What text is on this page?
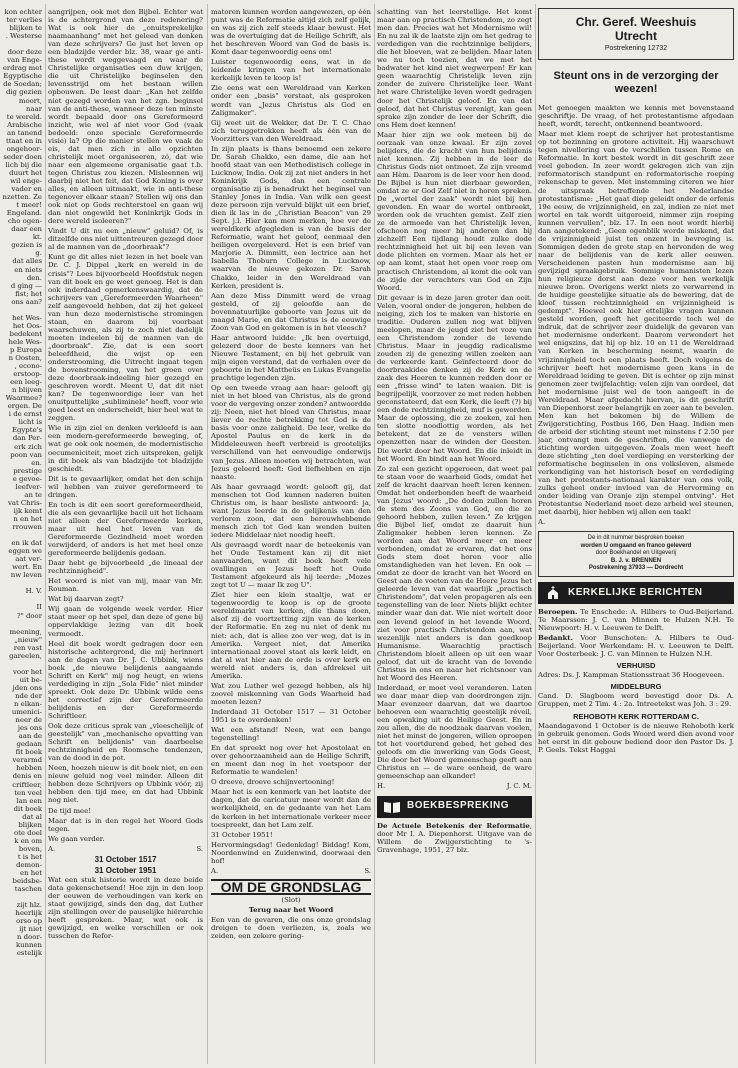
kon echter
ter verlies
blijken te
. Westerse

door deze
van Enge-
erdrag met
Egyptische
de Soedan;
dig gezien
moort, naar
te wereld.
Arabische
an tanend
ttaat en in
ongehoor-
seder doen
lich bij die
duurt het
wil enge-
vader en
nzetten. Ze
t meer!
Engeland.
cho ogen-
daar een
kt.
gezien is
g.
dat alles
en niets
den.
d ging —
fist; het
ons aan?

het Wes-
het Oos-
bedekent
hele Wes-
p Europa
n Oosten,
, econo-
erstoop-
een leeg-
n blijven
Waarmee?
ergen. De
i de ernst
licht is
Egypte's
dan Per-
erk zich
poon van
en.
prestige
e gevoe-
leefver-
an te
vat Chris-
ijk komt
n en het
rrouwen

en ik dat
eggen we
aat ver-
wert. En
nw leven

H. V.

II
?" door

meening,
„nieuw"
ren vast
gareelen,

voor het
uit be-
jden ons
nde der
n elkan-
umenici-
neer de
jes ons
aan de
gedaan
fit boek
verarmd
hebben
denis en
criftleer,
ten veel
lan een
dit boek
dat al
blijken
ote doel
k en om
boven,
t is het
demon-
en het
beidsbe-
taschen

zijt hlz.
heerlijk
orso op
ijt niet
n door-
kunnen
estelijk

aangrijpen, ook met den Bijbel. Echter wat is de achtergrond van deze redenering? Wat is ook hier de „onuitsprekelijke naamaanhang" met het geleed van denken van deze schrijvers? Ge just het leven op een bladzijde verder blz. 38, waar ge anti-these wordt weggevaagd en waar de Christelijke organisaties een duw krijgen, die uit Christelijke beginselen den levensstrijd om het bestaan willen opbouwen. De leest daar: „Kan het zelfde niet gezegd worden van het zgn. beginsel van de anti-these, wanneer deze ten minste wordt bepaald door ons Gereformeerd inzicht, wie wel af niet voor God (vaak bedoeld: onze speciale Gereformeerde visie) la? Op die manier stellen we vaak de eis, dat men zich in alle opzichten christelijk moet organiseeren, zó, dat wie naar een algemeene organisatie gaat t.b. tegen Christus zou kiezen. Misleennen wij daarbij niet het feit, dat God Koning is over alles, en alleen uitmaakt, wie in anti-these tegenover elkaar staan? Stellen wij ons dan ook niet op Gods rechterstoel en gaan wij dan niet ongewild het Koninkrijk Gods in dere wereld isoleeren?"

Vindt U dit nu een „nieuw" geluid? Of, is ditzelfde ons niet uittentreuren gezegd door al de mannen van de „doorbraak"?

Kunt ge dit alles niet lezen in het boek van Dr. C. J. Dippel „kerk en wereld in de crisis"? Lees bijvoorbeeld Hoofdstuk negen van dit boek en ge weet genoeg. Het is dan ook inderdaad opmerkenswaardig, dat de schrijvers van „Gereformeerden Waarheen" zelf aangevoeld hebben, dat zij het gekeel van hun deze modernistische stromingen staan, en daarom bij voorbaat waarschuwen, als zij te zoch niet dadelijk moeten indeelen bij de mannen van de „doorbraak". Zie, dat is een soort beleefdheid, die wijst op een onderstrooming, die Uitrecht ingaat tegen de bovenstrooming, van het groen over deze doorbraak-indeeling hier gezegd en geschreven wordt. Meent U, dat dit niet kan? De tegenwoordige leer van het onuitputtelijke „subliminele" heeft, voor wie goed leest en onderscheidt, hier heel wat te zeggen.

Wie in zijn ziel en denken verkleefd is aan een modern-gereformeerde beweging, of, wat ge ook ook noemen, de modernistische oecumeniciteit, moet zich uitspreken, gelijk in dit boek als van bladzijde tot bladzijde geschiedt.

Dit is te gevaarlijker, omdat het den schijn wil hebben van zuiver gereformeerd te dringen.

En toch is dit een soort gereformeerdheid, die als een gevaarlijke bacil uit het lichaam niet alleen der Gereformeerde kerken, maar uit heel het leven van de Gereformeerde Gezindheid moet worden verwijderd, of anders is het met heel onze gereformeerde belijdenis gedaan.

Daar hebt ge bijvoorbeeld „de lineaal der rechtzinnigheid".

Het woord is niet van mij, maar van Mr. Rouman.

Wat bij daarvan zegt?

Wij gaan de volgende week verder. Hier staat meer op het spel, dan deze of gene bij oppervlakkige lezing van dit boek vermoedt.

Heel dit boek wordt gedragen door een historische achtergrond, die mij herinnert aan de dagen van Dr. J. C. Ubbink, wiens boek „de nieuwe belijdenis aangaande Schrift en Kerk" mij nog heugt, en wiens verdediging in zijn „Sola Fide" niet minder spreekt. Ook deze Dr. Ubbink wilde eens het correctief zijn der Gereformeerde belijdenis en der Gereformeerde Schriftleer.

Ook deze criticus sprak van „vleeschelijk of geestelijk" van „mechanische opvatting van Schrift en belijdenis" van daarbeelse rechtzinnigheid en Roomsche tendenzen, van de dood in de pot.

Neen, hoezeh nieuw is dit boek niet, en een nieuw geluid nog veel minder. Alleen dit hebben deze Schrijvers op Ubbink vóór, zij hebben den tijd mee, en dat had Ubbink nog niet.

De tijd mee!

Maar dat is in den regel het Woord Gods tegen.

We gaan verder.

A.	S.
31 October 1517
31 October 1951

Wat een stuk historie wordt in deze beide data gekenschetsend! Hoe zijn in den loop der eeuwen de verhoudingen van kerk en staat gewijzigd, sinds den dag, dat Luther zijn stellingen over de pauselijke hiërarchie heeft gesproken. Maar, wat ook is gewijzigd, en welke verschillen er ook tusschen de Refor-

matoren kunnen worden aangewezen, op één punt was de Reformatie altijd zich zelf gelijk, en was zij zich zelf steeds klaar bewust. Het was de overtuiging dat de Heilige Schrift, als het beschreven Woord van God de basis is. Komt daar tegenwoordig eens om!

Luister tegenwoordig eens, wat in de leidende kringen van het internationale kerkelijk leven te koop is!

Zie eens wat een Wereldraad van Kerken onder een „basis" verstaat, als gesproken wordt van „Jezus Christus als God en Zaligmaker".

Gij weet uit de Wekker, dat Dr. T. C. Chao zich teruggetrokken heeft als één van de Voorzitters van den Wereldraad.

In zijn plaats is thans benoemd een zekere Dr. Sarah Chakko, een dame, die aan het hoofd staat van een Methodistisch college in Lucknow, India. Ook zij zat niet anders in het Koninkrijk Gods, dan een centrale organisatie zij is benadrukt het beginsel van Stanley Jones in India. Van wilk een geest deze persoon zijn vervuld blijkt uit een brief, dien ik las in de „Christian Beacon" van 29 Sept. j.l. Hier kan men merken, hoe ver de wereldkerk afgegleden is van de basis der Reformatie, want het geloof, eenmaal den heiligen overgeleverd. Het is een brief van Marjorie A. Dimmitt, een lectrice aan het Isabella Thoburn College in Lucknow, waarvan de nieuwe gekozen Dr. Sarah Chakko, leider in den Wereldraad van Kerken, president is.

Aan deze Miss Dimmitt werd de vraag gesteld, of zij geloofde aan de bovennatuurlijke geboorte van Jezus uit de maagd Marie, en dat Christus is de eeuwige Zoon van God en gekomen is in het vleesch?

Haar antwoord luidde: „Ik ben overtuigd, gelezerd door de beste kenners van het Nieuwe Testament, en bij het gebruik van mijn eigen verstand, dat de verhalen over de geboorte in het Mattheüs en Lukas Evangelie prachtige legenden zijn.

Op een tweede vraag aan haar: gelooft gij niet in het bloed van Christus, als de grond voor de vergeving onzer zonden? antwoordde zij: Neen, niet het bloed van Christus, maar liever de rechte betrekking tot God is de basis voor onze zaligheid. De leer, welke de Apostel Paulus en de kerk in de Middeleeuwen heeft verbreid is grootelijks verschillend van het eenvoudige onderwijs van Jezus. Alleen moeten wij betrachten, wat Jezus geleerd heeft: God liefhebben en zijn naaste.

Als haar gevraagd wordt: gelooft gij, dat menschen tot God kunnen naderen buiten Christus om, is haar besliste antwoord: ja, want Jezus leerde in de gelijkenis van den verloren zoon, dat een berouwhebbende mensch zich tot God kan wenden buiten iedere Middelaar niet noodig heeft.

Als gevraagd wordt naar de beteekenis van het Oude Testament kan zij dit niet aanvaarden, want dit boek heeft vele ovallingen en Jezus heeft het Oude Testament afgekeurd als hij leerde: „Mozes zegt tot U — maar Ik zeg U".

Ziet hier een klein staaltje, wat er tegenwoordig te koop is op de groote wereldmarkt van kerken, die thans doen, alsof zij de voortzetting zijn van de kerken der Reformatie. En zeg nu niet of denk nu niet: ach, dat is allee zoo ver weg, dat is in Amerika. Vergeet niet, dat Amerika internationaal zoovel staat als kerk leidt, en dat al wat hier aan de orde is over kerk en wereld niet anders is, dan afdreksel uit Amerika.

Wat zou Luther wel gezegd hebben, als hij zoovel miskenning van Gods Waarheid had moeten lezen?

Inderdaad 31 October 1517 — 31 October 1951 is te overdenken!

Wat een afstand! Neen, wat een bange tegenstelling!

En dat spreekt nog over het Apostolaat en over gehoorzaamheid aan de Heilige Schrift, en meent dan nog in het voetspoor der Reformatie te wandelen!

O dreeve, droeve schijnvertooning!

Maar het is een kenmerk van het laatste der dagen, dat de caricatuur meer wordt dan de werkelijkheid, en de gedaante van het Lam de kerken in het internationale verkeer meer toespreekt, dan het Lam zelf.

31 October 1951!

Hervormingsdag! Gedenkdag! Biddag! Kom, Noordenwind en Zuidenwind, doorwaai den hof!

A.	S.
OM DE GRONDSLAG

(Slot)

Terug naar het Woord

Een van de gevaren, die ons onze grondslag dreigen te doen verliezen, is, zoals we zeiden, een zekere gering-

schatting van het leerstellige. Het komt maar aan op practisch Christendom, zo zegt men dan. Precies wat het Modernisme wil! En nu zal ik de laatste zijn om het gedrag te verdedigen van die rechtzinnige belijders, die het bloeven, wat ze belijden. Maar laten we nu toch toezien, dat we met het badwater het kind niet wegwerpen! Er kan geen waarachtig Christelijk leven zijn zonder de zuivere Christelijke leer. Want het ware Christelijke leven wordt gedragen door het Christelijk geloof. En van dat geloof, dat het Christus verenigt, kan geen sprake zijn zonder de leer der Schrift, die ons Hem doet kennen!

Maar hier zijn we ook meteen bij de oorzaak van onze kwaal. Er zijn zovel belijders, die de kracht van hun belijdenis niet kennen. Zij hebben in de leer de Christus Gods niet ontmoet. Ze zijn vreemd aan Hèm. Daarom is de leer voor hen dood. De Bijbel is hun niet dierbaar geworden, omdat ze er God Zelf niet in horen spreken. De „wortel der zaak" wordt niet bij hen gevonden. En waar de wortel ontbreekt, worden ook de vruchten gemist. Zelf zien ze de armoede van het Christelijk leven, ofschoon nog meer bij anderen dan bij zichzelf! Een tijdlang houdt zulke dode rechtzinnigheid het uit bij een leven van dode plichten en vormen. Maar als het er op aan komt, staat het open voor roep om practisch Christendom, al komt die ook van de zijde der verachters van God en Zijn Woord.

Dit gevaar is in deze jaren groter dan ooit. Velen, vooral onder de jongeren, hebben de neiging, zich los te maken van historie en traditie. Ouderen zullen nog wat blijven meelopen, maar de jeugd ziet het voze van een Christendom zonder de levende Christus. Maar in jeugdig radicalisme zouden zij de genezing willen zoeken aan de verkeerde kant. Geïnfecteerd door de doorbraakidee denken zij de Kerk en de zaak des Heeren te kunnen redden door er een „frisse wind" te laten waaien. Dit is begrijpelijk, voorzover ze met reden hebben geconstateerd, dat een Kerk, die leeft (?) bij een dode rechtzinnigheid, muf is geworden. Maar de oplossing, die ze zoeken, zal hen ten slotte noodlottig worden, als het betekent, dat ze de vensters willen openzetten naar de winden der Geesten. Die werkt door het Woord. En die inleidt in het Woord. En bindt aan het Woord.

Zo zal een gezicht opgeroeen, dat weet pal te staan voor de waarheid Gods, omdat het zelf de kracht daarvan heeft leren kennen. Omdat het onderbonden heeft de waarheid van Jezus' woord: „De doden zullen horen de stem des Zoons van God, en die ze gehoord hebben, zullen leven." Ze krijgen die Bijbel lief, omdat ze daaruit hun Zaligmaker hebben leren kennen. Ze worden aan dat Woord meer en meer verbonden, omdat ze ervaren, dat het ons Gods stem doet horen voor alle omstandigheden van het leven. En ook — omdat ze door de kracht van het Woord en Geest aan de voeten van de Heere Jezus het geleerde leven van dat waarlijk „practisch Christendom", dat velen propageren als een tegenstelling van de leer. Niets blijkt echter minder waar dan dat. Wie niet wortelt door een levend geloof in het levende Woord, ziet voor practisch Christendom aan, wat wezenlijk niet anders is dan goedkoop Humanisme. Waarachtig practisch Christendom bloeit alleen op uit een waar geloof, dat uit de kracht van de levende Christus in ons en naar het richtsnoer van het Woord des Heeren.

Inderdaad, er moet veel veranderen. Laten we daar maar diep van doordrongen zijn. Maar evenzeer daarvan, dat we daartoe behoeven een waarachtig geestelijk réveil, een opwaking uit de Heilige Geest. En in zou allen, die de noodzaak daarvan voelen, niet het minst de jongeren, willen oproepen tot het voortdurend gebed, het gebed des geloofs om die inwerking van Gods Geest, Die door het Woord gemeenschap geeft aan Christus en — de ware eenheid, de ware gemeenschap aan elkander!

H.	J. C. M.
BOEKBESPREKING

De Actuele Betekenis der Reformatie, door Mr I. A. Diepenhorst. Uitgave van de Willem de Zwijgerstichting te 's-Gravenhage, 1951, 27 blz.

Chr. Geref. Weeshuis
Utrecht
Postrekening 12732
Steunt ons in de verzorging der weezen!

Met genoegen maakten we kennis met bovenstaand geschriftje. De vraag, of het protestantisme afgedaan heeft, wordt, terecht, ontkennend beantwoord.

Maar met klem roept de schrijver het protestantisme op tot bezinning en grotere activiteit. Hij waarschuwt tegen nivellering van de verschillen tussen Rome en Reformatie. In kort bestek wordt in dit geschrift zeer veel geboden. In zeer wordt gekregen zich van zijn reformatorisch standpunt en reformatorische roeping rekenschap te geven. Met instemming citeren we hier de uitspraak betreffende het Nederlandse protestantisme: „Het gaat diep geleidt onder de erfenis 19e eeuw, de vrijzinnigheid, en zal, indien ze niet met wortel en tak wordt uitgeroeid, nimmer zijn roeping kunnen vervullen", blz. 17. In een noot wordt hierbij dan aangetekend: „Geen ogenblik worde miskend, dat de vrijzinnigheid juist ten onzent in bevroging is. Sommigen deden de grote stap en hervonden de weg naar de belijdenis van de kerk aller eeuwen. Verscheidenen pasten hun modernisme aan bij gevijzigd spraakgebruik. Sommige humanisten lezen hun religieuze dorst aan deze voor hen werkelijk nieuwe bron. Overigens werkt niets zo verwarrend in de huidige geestelijke situatie als de bewering, dat de kloof tussen rechtzinnigheid en vrijzinnigheid is gedempt". Hoewel ook hier ettelijke vragen kunnen gesteld worden, geeft het geciteerde toch wel de indruk, dat de schrijver zeer duidelijk de gevaren van het modernisme onderkent. Daarom verwondert het wel enigszins, dat hij op blz. 10 en 11 de Wereldraad van Kerken in bescherming neemt, waarin de vrijzinnigheid toch een plaats heeft. Doch volgens de schrijver heeft het modernisme geen kans in de Wereldraad leiding te geven. Dit is echter op zijn minst genomen zeer twijfelachtig: velen zijn van oordeel, dat het modernisme juist wel de toon aangeeft in de Wereldraad. Maar afgedacht hiervan, is dit geschrift van Diepenhorst zeer belangrijk en zeer aan te bevelen. Men kan het bekomen bij de Willem de Zwijgerstichting, Postbus 166, Den Haag. Indien men de arbeid der stichting steunt met minstens f 2.50 per jaar, ontvangt men de geschriften, die vanwege de stichting worden uitgegeven. Zoals men weet heeft deze stichting „ten doel verdieping en versterking der reformatische beginselen in ons volksleven, alsmede verkondiging van het historisch besef en verdediging van het protestants-nationaal karakter van ons volk, zulks geheel onder invloed van de Hervorming en onder leiding van Oranje zijn stempel ontving". Het Protestantse Nederland moet deze arbeid wel steunen, met daarbij, hier hebben wij allen een taak!

A.
De in dit nummer besproken boeken
worden U omgaand en franco geleverd
door Boekhandel en Uitgeverij
B. J. v. BRENNEN
Postrekening 37933 — Dordrecht
KERKELIJKE BERICHTEN

Beroepen. Te Enschede: A. Hilbers te Oud-Beijerland. Te Maarssen: J. C. van Minnen te Hulzen N.H. Te Nieuwpoort: H. v. Leeuwen te Delft.

Bedankt. Voor Bunschoten: A. Hilbers te Oud-Beijerland. Voor Werkendam: H. v. Leeuwen te Delft. Voor Oosterbeek: J. C. van Minnen te Hulzen N.H.

VERHUISD

Adres: Ds. J. Kampman Stationsstraat 36 Hoogeveen.

MIDDELBURG

Cand. D. Slagboom werd bevestigd door Ds. A. Gruppen, met 2 Tim. 4 : 2a. Intreetekst was Joh. 3 : 29.

REHOBOTH KERK ROTTERDAM C.

Maandagavond 1 October is de nieuwe Rehoboth kerk in gebruik genomen. Gods Woord werd dien avond voor het eerst in dit gebouw bediend door den Pastor Ds. J. P. Geels. Tekst Haggai
